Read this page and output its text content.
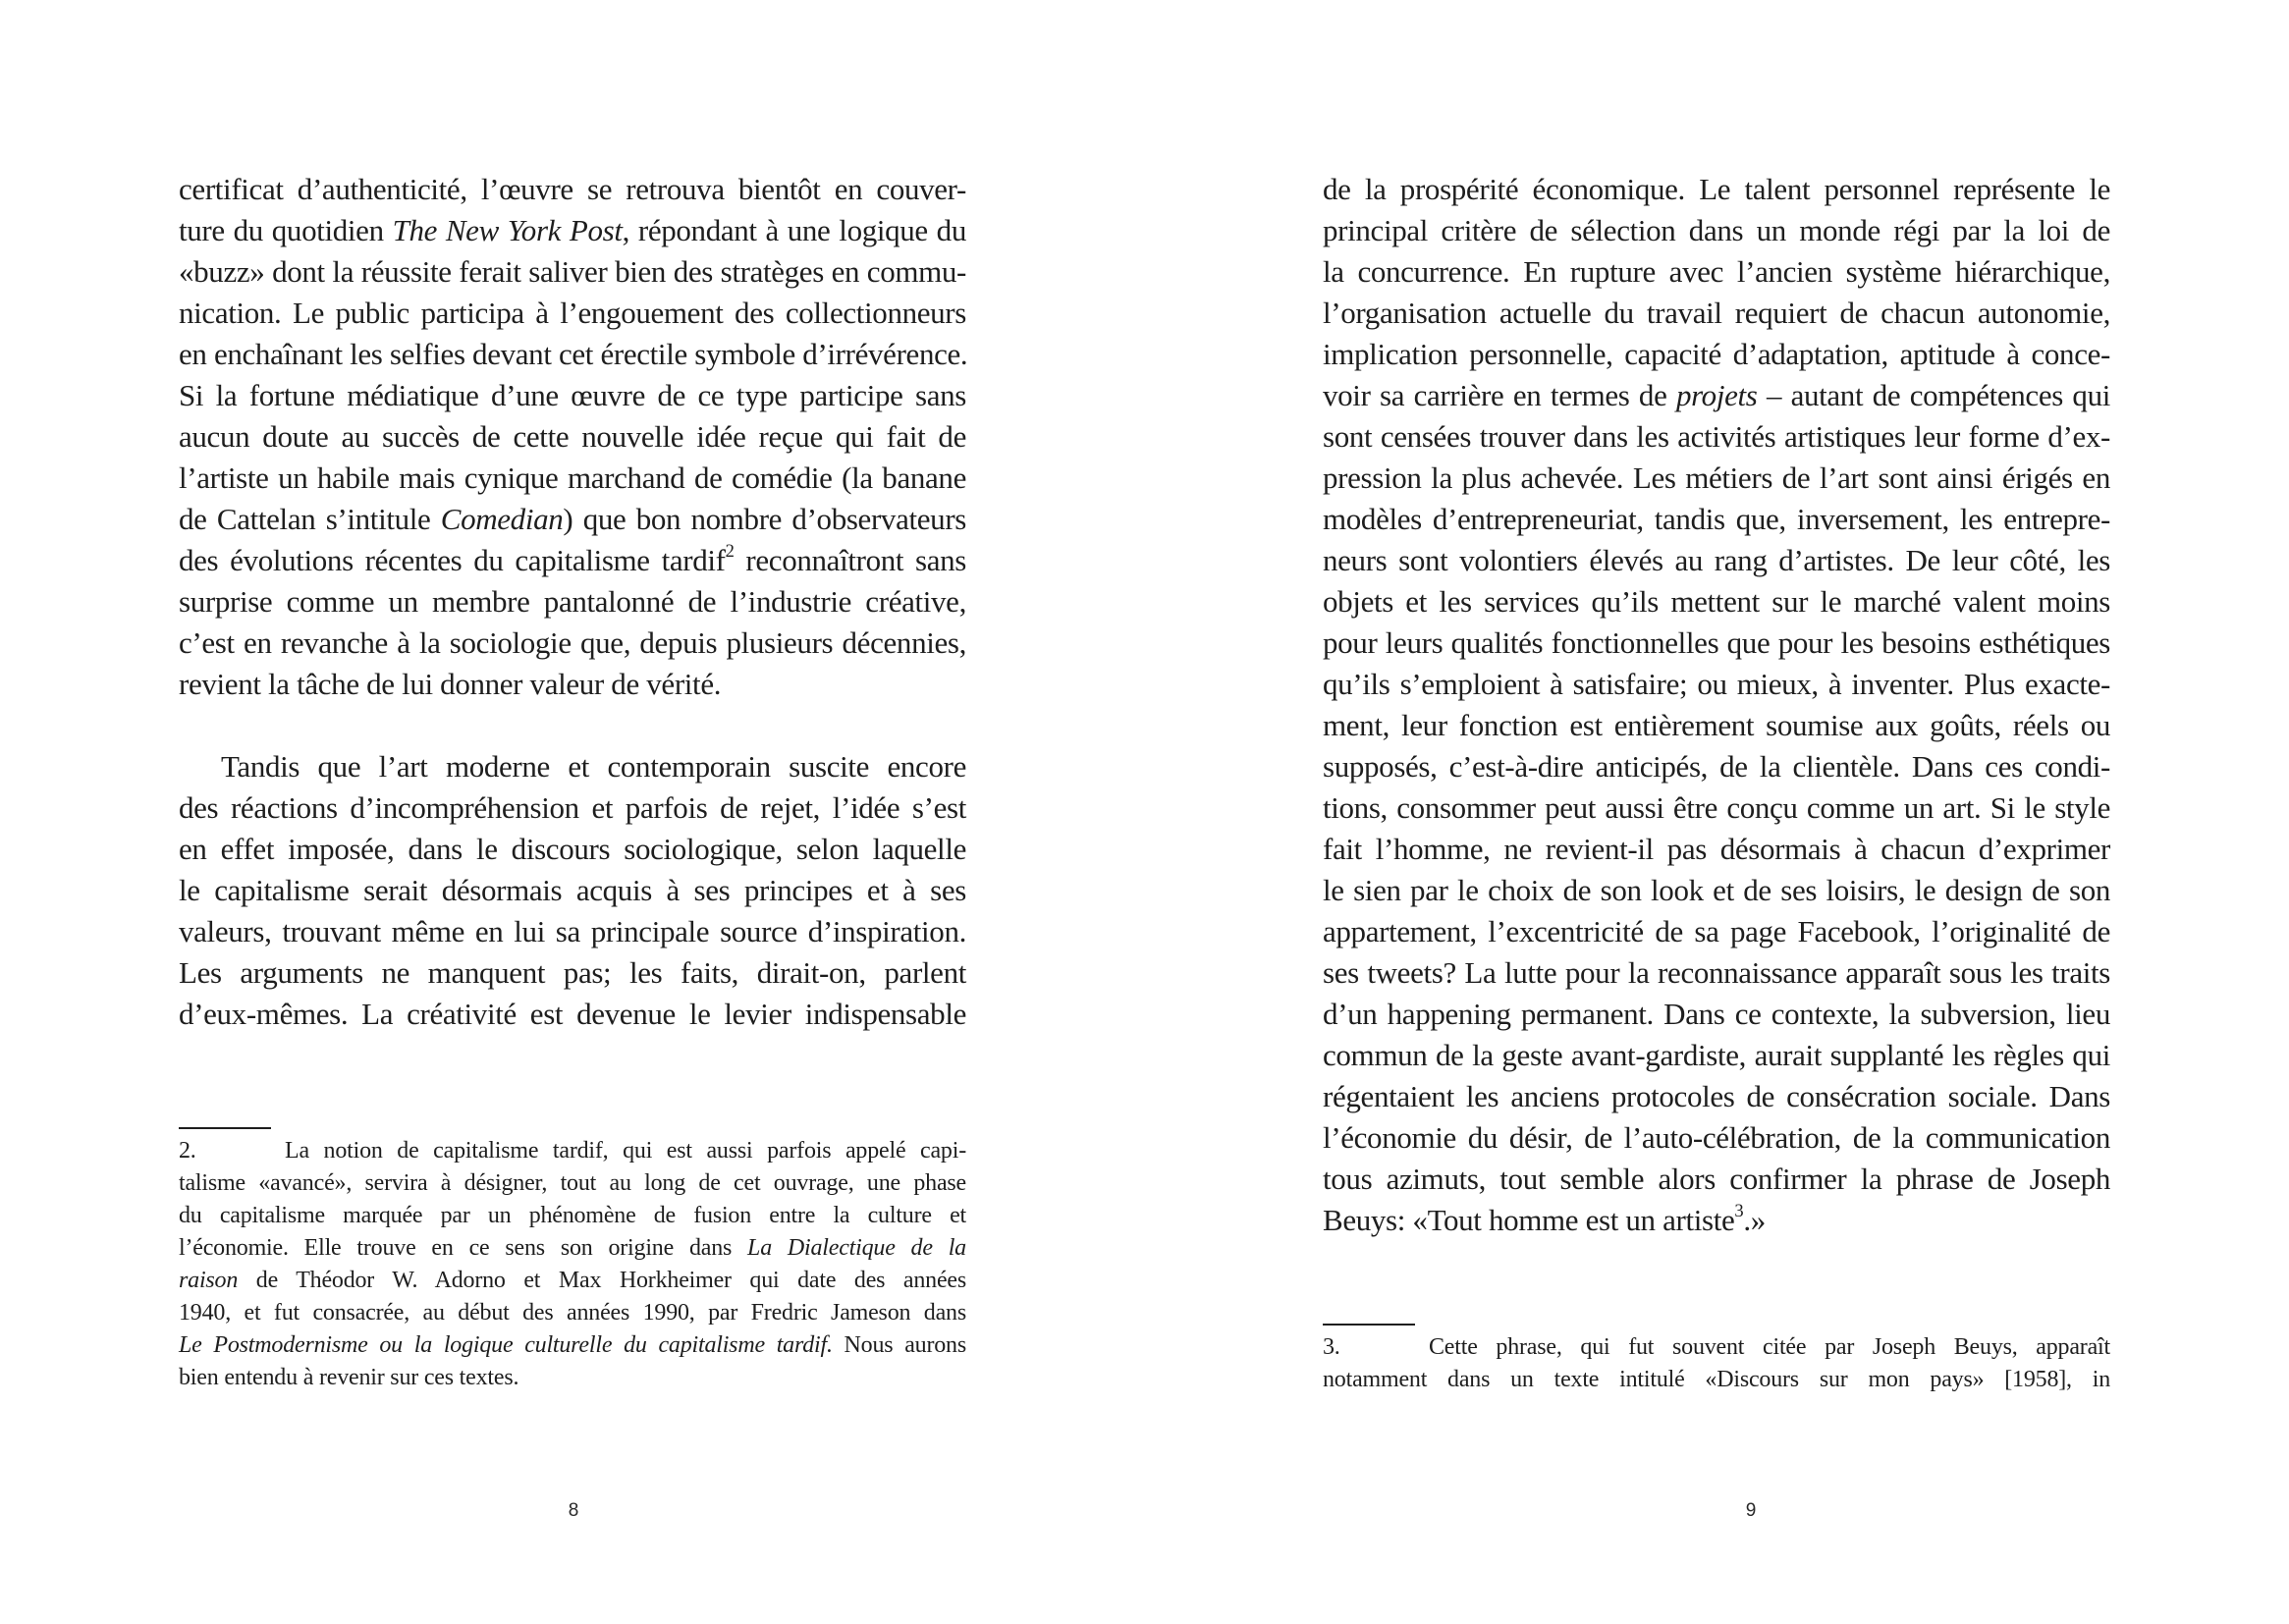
certificat d’authenticité, l’œuvre se retrouva bientôt en couver-
ture du quotidien The New York Post, répondant à une logique du
«buzz» dont la réussite ferait saliver bien des stratèges en commu-
nication. Le public participa à l’engouement des collectionneurs
en enchaînant les selfies devant cet érectile symbole d’irrévérence.
Si la fortune médiatique d’une œuvre de ce type participe sans
aucun doute au succès de cette nouvelle idée reçue qui fait de
l’artiste un habile mais cynique marchand de comédie (la banane
de Cattelan s’intitule Comedian) que bon nombre d’observateurs
des évolutions récentes du capitalisme tardif$^2$ reconnaîtront sans
surprise comme un membre pantalonné de l’industrie créative,
c’est en revanche à la sociologie que, depuis plusieurs décennies,
revient la tâche de lui donner valeur de vérité.
Tandis que l’art moderne et contemporain suscite encore
des réactions d’incompréhension et parfois de rejet, l’idée s’est
en effet imposée, dans le discours sociologique, selon laquelle
le capitalisme serait désormais acquis à ses principes et à ses
valeurs, trouvant même en lui sa principale source d’inspiration.
Les arguments ne manquent pas; les faits, dirait-on, parlent
d’eux-mêmes. La créativité est devenue le levier indispensable
2.	La notion de capitalisme tardif, qui est aussi parfois appelé capi-
talisme «avancé», servira à désigner, tout au long de cet ouvrage, une phase
du capitalisme marquée par un phénomène de fusion entre la culture et
l’économie. Elle trouve en ce sens son origine dans La Dialectique de la
raison de Théodor W. Adorno et Max Horkheimer qui date des années
1940, et fut consacrée, au début des années 1990, par Fredric Jameson dans
Le Postmodernisme ou la logique culturelle du capitalisme tardif. Nous aurons
bien entendu à revenir sur ces textes.
8
de la prospérité économique. Le talent personnel représente le
principal critère de sélection dans un monde régi par la loi de
la concurrence. En rupture avec l’ancien système hiérarchique,
l’organisation actuelle du travail requiert de chacun autonomie,
implication personnelle, capacité d’adaptation, aptitude à conce-
voir sa carrière en termes de projets – autant de compétences qui
sont censées trouver dans les activités artistiques leur forme d’ex-
pression la plus achevée. Les métiers de l’art sont ainsi érigés en
modèles d’entrepreneuriat, tandis que, inversement, les entrepre-
neurs sont volontiers élevés au rang d’artistes. De leur côté, les
objets et les services qu’ils mettent sur le marché valent moins
pour leurs qualités fonctionnelles que pour les besoins esthétiques
qu’ils s’emploient à satisfaire; ou mieux, à inventer. Plus exacte-
ment, leur fonction est entièrement soumise aux goûts, réels ou
supposés, c’est-à-dire anticipés, de la clientèle. Dans ces condi-
tions, consommer peut aussi être conçu comme un art. Si le style
fait l’homme, ne revient-il pas désormais à chacun d’exprimer
le sien par le choix de son look et de ses loisirs, le design de son
appartement, l’excentricité de sa page Facebook, l’originalité de
ses tweets? La lutte pour la reconnaissance apparaît sous les traits
d’un happening permanent. Dans ce contexte, la subversion, lieu
commun de la geste avant-gardiste, aurait supplanté les règles qui
régentaient les anciens protocoles de consécration sociale. Dans
l’économie du désir, de l’auto-célébration, de la communication
tous azimuts, tout semble alors confirmer la phrase de Joseph
Beuys: «Tout homme est un artiste$^3$.»
3.	Cette phrase, qui fut souvent citée par Joseph Beuys, apparaît
notamment dans un texte intitulé «Discours sur mon pays» [1958], in
9
